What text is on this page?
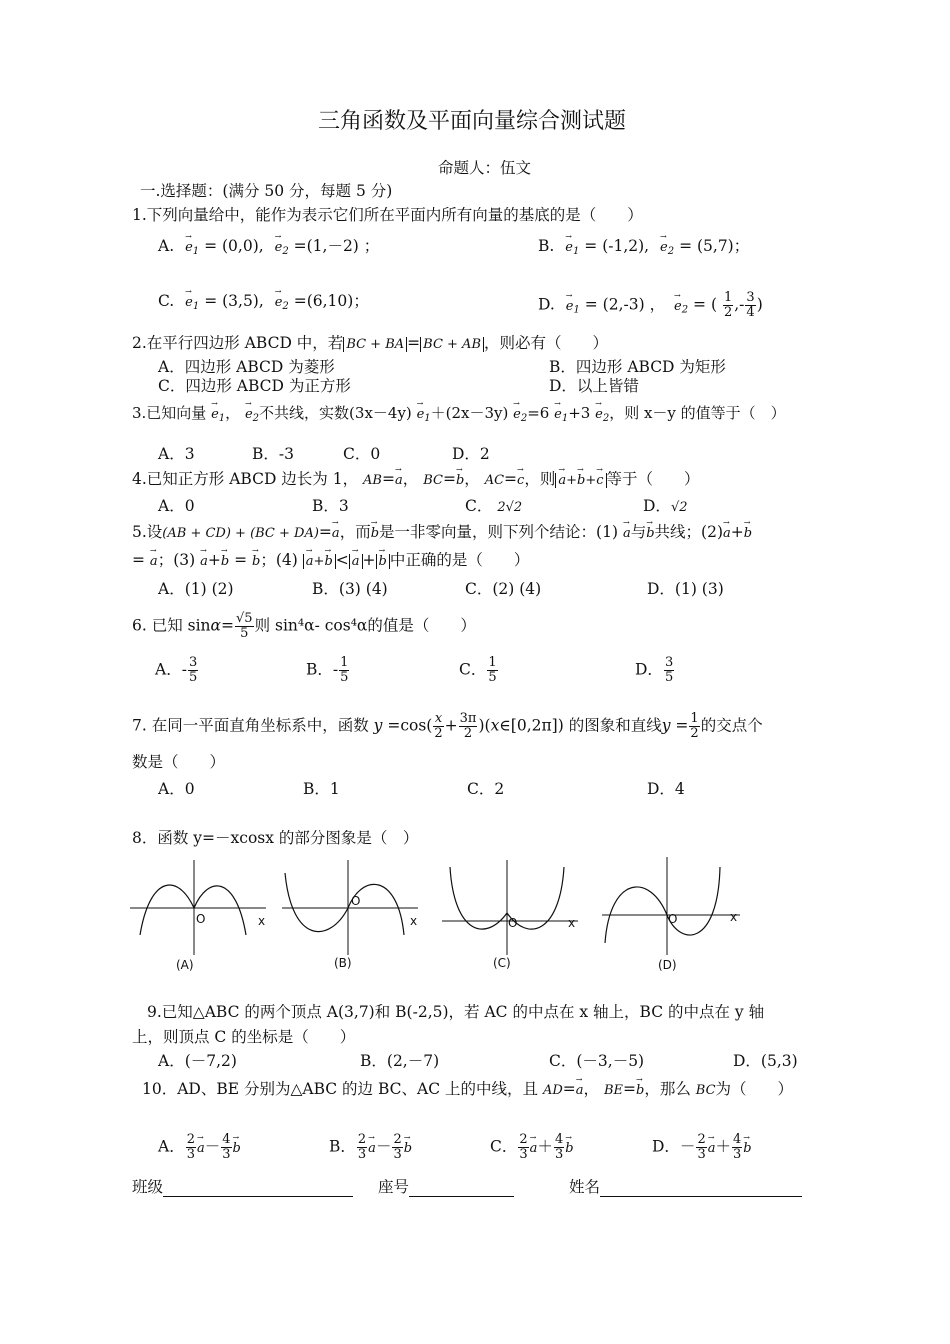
三角函数及平面向量综合测试题
命题人：伍文
一.选择题：(满分 50 分，每题 5 分)
1.下列向量给中，能作为表示它们所在平面内所有向量的基底的是（　　）
A. → $e_1 = (0,0)$, → $e_2 =(1,-2)$ ；	B. → $e_1 = (-1,2)$, → $e_2 = (5,7)$；
C. → $e_1 = (3,5)$, → $e_2 =(6,10)$；	D. → $e_1 = (2,-3)$ ， → $e_2$ = ( $\frac{1}{2}$ ,- $\frac{3}{4}$ )
2.在平行四边形 ABCD 中，若 BC + BA = BC + AB ，则必有（　　）
A．四边形 ABCD 为菱形	B．四边形 ABCD 为矩形
C．四边形 ABCD 为正方形	D．以上皆错
3.已知向量 → $e_1$， → $e_2$不共线，实数$(3x-4y) \to e_1+(2x-3y) \to e_2=6 \to e_1+3 \to e_2$，则 x－y 的值等于（　）
A．3	B．-3	C．0	D．2
4.已知正方形 ABCD 边长为 1， AB=→ a， BC=→ b， AC=→ c，则→ a+→ b+→ c 等于（　　）
A．0	B．3	C． 2√2	D．√2
5.设(AB + CD) + (BC + DA)=→ a，而→ b是一非零向量，则下列个结论：(1) → a与→ b共线；(2)→ a+→ b
= → a；(3) → a+→ b = → b；(4) → a+→ b <→ a +→ b 中正确的是（　　）
A．(1) (2)	B．(3) (4)	C．(2) (4)	D．(1) (3)
6. 已知 $\sin\alpha= \frac{√5}{5}$ 则 sin⁴α- cos⁴α的值是（　　）
A．- $\frac{3}{5}$	B．- $\frac{1}{5}$	C． $\frac{1}{5}$	D． $\frac{3}{5}$
7. 在同一平面直角坐标系中，函数 $y =\cos( \frac{x}{2} + \frac{3\pi}{2}$ )(x∈[0,2π]) 的图象和直线$y = \frac{1}{2}$ 的交点个
数是（　　）
A．0	B．1	C．2	D．4
8．函数 y=－xcosx 的部分图象是（　）
O	x
(A)
O
x
(B)
O	x
(C)
O	x
(D)
9.已知△ABC 的两个顶点 A(3,7)和 B(-2,5)，若 AC 的中点在 x 轴上，BC 的中点在 y 轴
上，则顶点 C 的坐标是（　　）
A．(－7,2)	B．(2,－7)	C．(－3,－5)	D．(5,3)
10．AD、BE 分别为△ABC 的边 BC、AC 上的中线，且 AD=→ a， BE=→ b，那么 BC为（　　）
A． $\frac{2}{3}$
→ $a- \frac{4}{3}$
→ b	B． $\frac{2}{3}$
→ $a- \frac{2}{3}$
→ b	C． $\frac{2}{3}$
→ $a+ \frac{4}{3}$
→ b	D．－ $\frac{2}{3}$
→ $a+ \frac{4}{3}$
→ b
班级	座号	姓名
